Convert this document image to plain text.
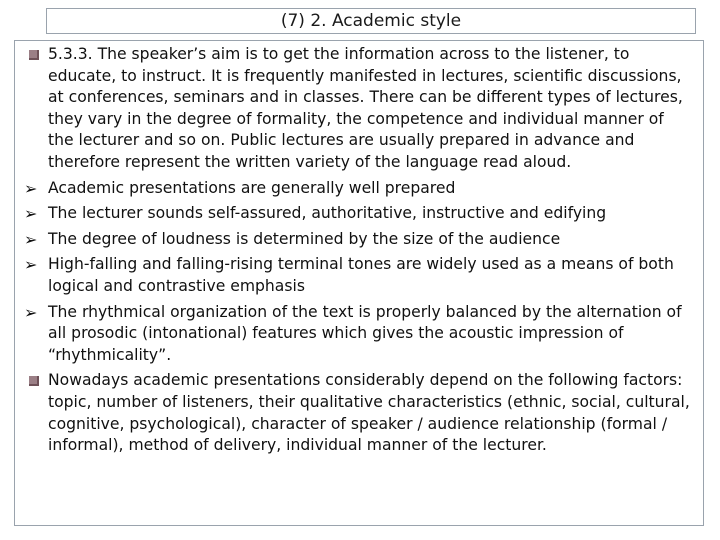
(7) 2. Academic style
5.3.3. The speaker’s aim is to get the information across to the listener, to educate, to instruct. It is frequently manifested in lectures, scientific discussions, at conferences, seminars and in classes. There can be different types of lectures, they vary in the degree of formality, the competence and individual manner of the lecturer and so on. Public lectures are usually prepared in advance and therefore represent the written variety of the language read aloud.
➢ Academic presentations are generally well prepared
➢ The lecturer sounds self-assured, authoritative, instructive and edifying
➢ The degree of loudness is determined by the size of the audience
➢ High-falling and falling-rising terminal tones are widely used as a means of both logical and contrastive emphasis
➢ The rhythmical organization of the text is properly balanced by the alternation of all prosodic (intonational) features which gives the acoustic impression of “rhythmicality”.
Nowadays academic presentations considerably depend on the following factors: topic, number of listeners, their qualitative characteristics (ethnic, social, cultural, cognitive, psychological), character of speaker / audience relationship (formal / informal), method of delivery, individual manner of the lecturer.
